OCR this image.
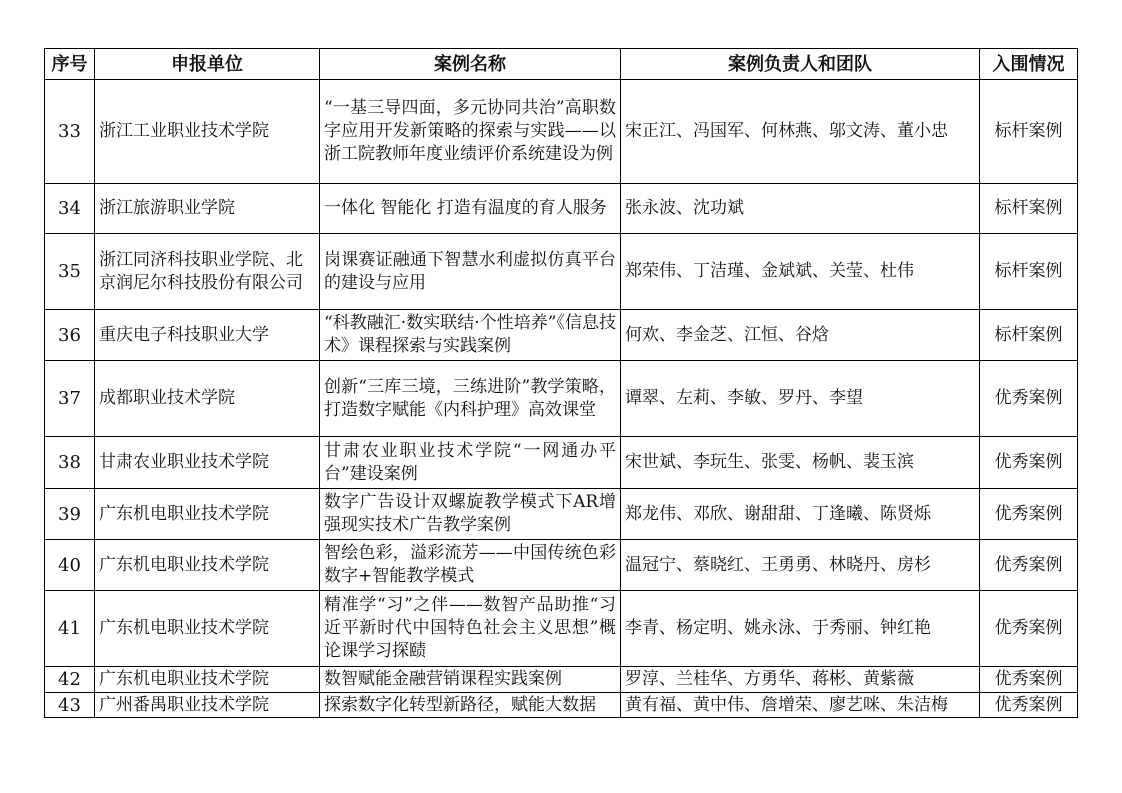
序号	申报单位	案例名称	案例负责人和团队	入围情况
33	浙江工业职业技术学院	“一基三导四面，多元协同共治”高职数字应用开发新策略的探索与实践——以浙工院教师年度业绩评价系统建设为例	宋正江、冯国军、何林燕、邬文涛、董小忠	标杆案例
34	浙江旅游职业学院	一体化 智能化 打造有温度的育人服务	张永波、沈功斌	标杆案例
35	浙江同济科技职业学院、北京润尼尔科技股份有限公司	岗课赛证融通下智慧水利虚拟仿真平台的建设与应用	郑荣伟、丁洁瑾、金斌斌、关莹、杜伟	标杆案例
36	重庆电子科技职业大学	“科教融汇·数实联结·个性培养”《信息技术》课程探索与实践案例	何欢、李金芝、江恒、谷焓	标杆案例
37	成都职业技术学院	创新“三库三境，三练进阶”教学策略，打造数字赋能《内科护理》高效课堂	谭翠、左莉、李敏、罗丹、李望	优秀案例
38	甘肃农业职业技术学院	甘肃农业职业技术学院“一网通办平台”建设案例	宋世斌、李玩生、张雯、杨帆、裴玉滨	优秀案例
39	广东机电职业技术学院	数字广告设计双螺旋教学模式下AR增强现实技术广告教学案例	郑龙伟、邓欣、谢甜甜、丁逢曦、陈贤烁	优秀案例
40	广东机电职业技术学院	智绘色彩，溢彩流芳——中国传统色彩数字+智能教学模式	温冠宁、蔡晓红、王勇勇、林晓丹、房杉	优秀案例
41	广东机电职业技术学院	精准学“习”之伴——数智产品助推“习近平新时代中国特色社会主义思想”概论课学习探赜	李青、杨定明、姚永泳、于秀丽、钟红艳	优秀案例
42	广东机电职业技术学院	数智赋能金融营销课程实践案例	罗淳、兰桂华、方勇华、蒋彬、黄紫薇	优秀案例
43	广州番禺职业技术学院	探索数字化转型新路径，赋能大数据	黄有福、黄中伟、詹增荣、廖艺咪、朱洁梅	优秀案例
